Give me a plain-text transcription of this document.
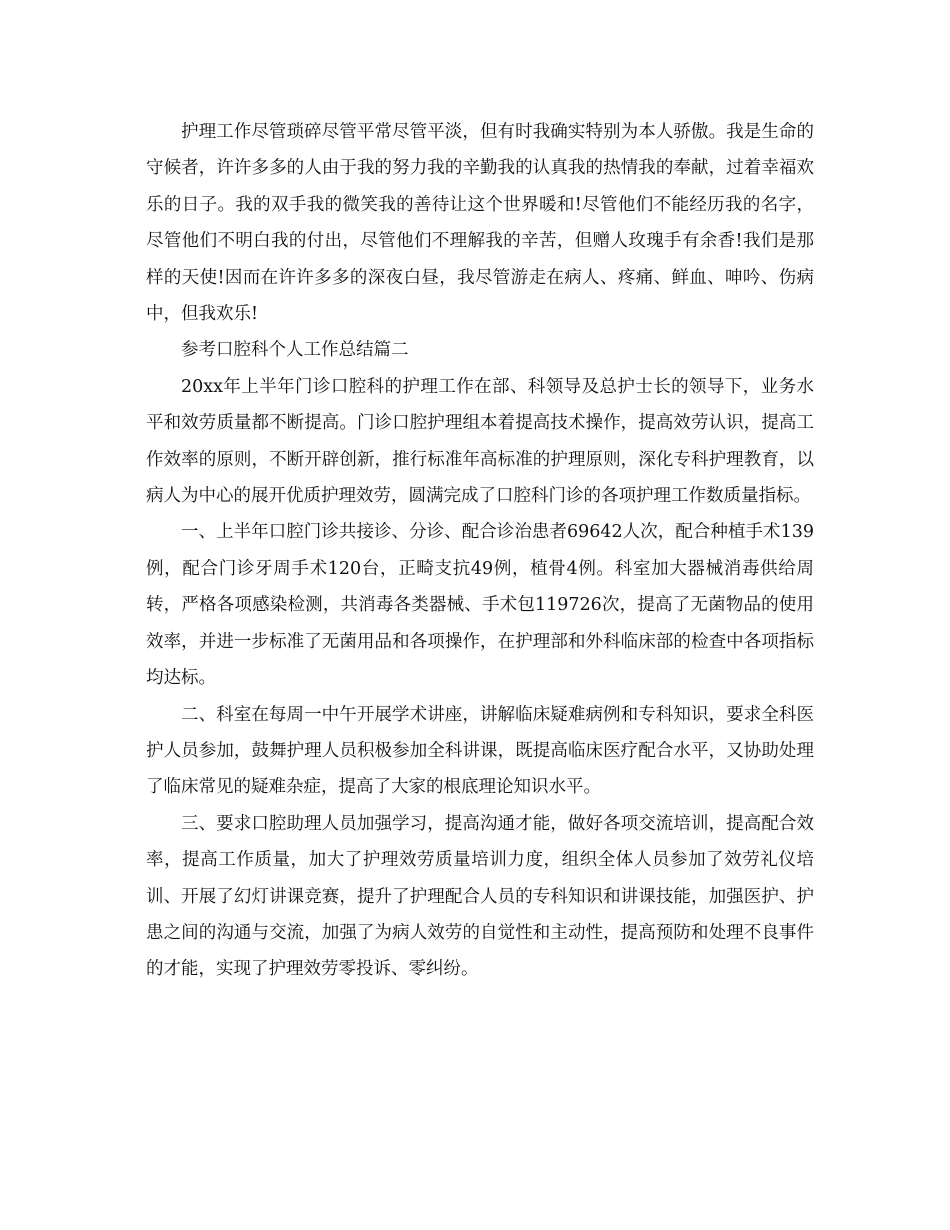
护理工作尽管琐碎尽管平常尽管平淡，但有时我确实特别为本人骄傲。我是生命的守候者，许许多多的人由于我的努力我的辛勤我的认真我的热情我的奉献，过着幸福欢乐的日子。我的双手我的微笑我的善待让这个世界暖和!尽管他们不能经历我的名字，尽管他们不明白我的付出，尽管他们不理解我的辛苦，但赠人玫瑰手有余香!我们是那样的天使!因而在许许多多的深夜白昼，我尽管游走在病人、疼痛、鲜血、呻吟、伤病中，但我欢乐!

参考口腔科个人工作总结篇二

20xx年上半年门诊口腔科的护理工作在部、科领导及总护士长的领导下，业务水平和效劳质量都不断提高。门诊口腔护理组本着提高技术操作，提高效劳认识，提高工作效率的原则，不断开辟创新，推行标准年高标准的护理原则，深化专科护理教育，以病人为中心的展开优质护理效劳，圆满完成了口腔科门诊的各项护理工作数质量指标。

一、上半年口腔门诊共接诊、分诊、配合诊治患者69642人次，配合种植手术139例，配合门诊牙周手术120台，正畸支抗49例，植骨4例。科室加大器械消毒供给周转，严格各项感染检测，共消毒各类器械、手术包119726次，提高了无菌物品的使用效率，并进一步标准了无菌用品和各项操作，在护理部和外科临床部的检查中各项指标均达标。

二、科室在每周一中午开展学术讲座，讲解临床疑难病例和专科知识，要求全科医护人员参加，鼓舞护理人员积极参加全科讲课，既提高临床医疗配合水平，又协助处理了临床常见的疑难杂症，提高了大家的根底理论知识水平。

三、要求口腔助理人员加强学习，提高沟通才能，做好各项交流培训，提高配合效率，提高工作质量，加大了护理效劳质量培训力度，组织全体人员参加了效劳礼仪培训、开展了幻灯讲课竞赛，提升了护理配合人员的专科知识和讲课技能，加强医护、护患之间的沟通与交流，加强了为病人效劳的自觉性和主动性，提高预防和处理不良事件的才能，实现了护理效劳零投诉、零纠纷。
